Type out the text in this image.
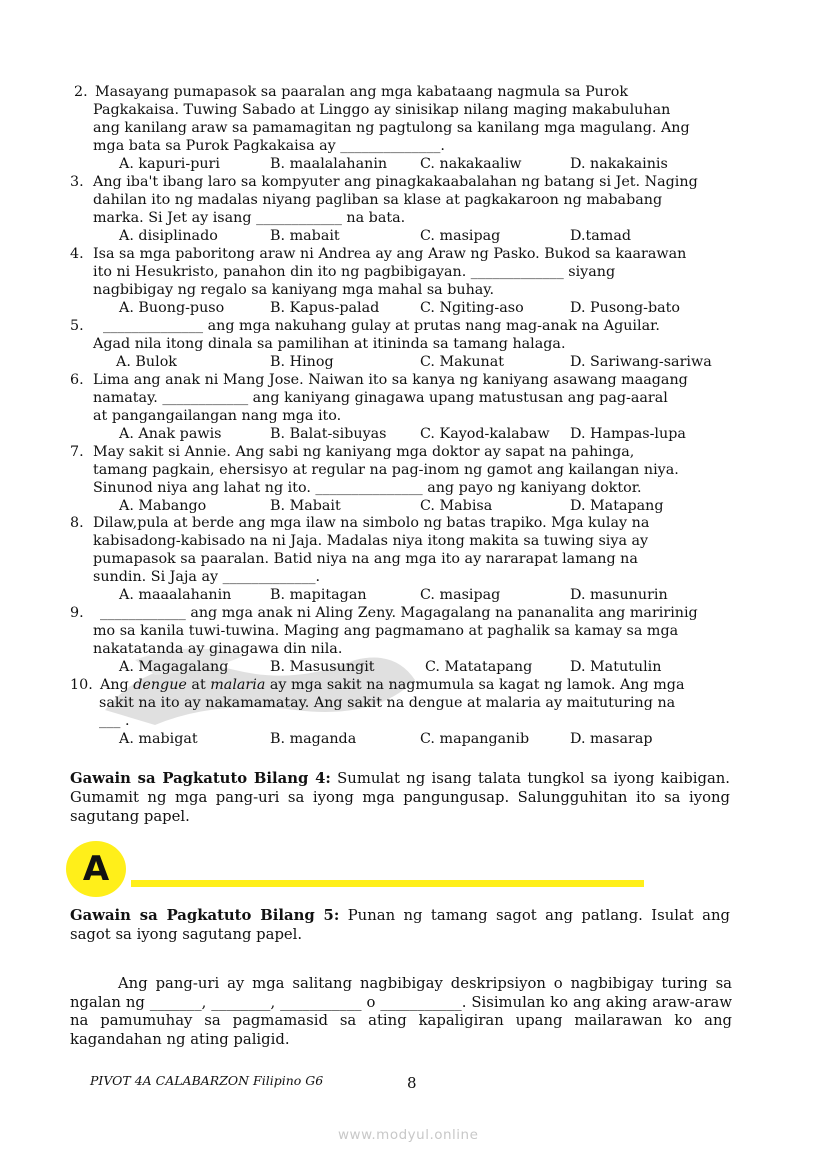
2. Masayang pumapasok sa paaralan ang mga kabataang nagmula sa Purok
Pagkakaisa. Tuwing Sabado at Linggo ay sinisikap nilang maging makabuluhan
ang kanilang araw sa pamamagitan ng pagtulong sa kanilang mga magulang. Ang
mga bata sa Purok Pagkakaisa ay ______________.
A. kapuri-puri	B. maalalahanin C. nakakaaliw	D. nakakainis
3. Ang iba't ibang laro sa kompyuter ang pinagkakaabalahan ng batang si Jet. Naging
dahilan ito ng madalas niyang pagliban sa klase at pagkakaroon ng mababang
marka. Si Jet ay isang ____________ na bata.
A. disiplinado	B. mabait	C. masipag	D.tamad
4. Isa sa mga paboritong araw ni Andrea ay ang Araw ng Pasko. Bukod sa kaarawan
ito ni Hesukristo, panahon din ito ng pagbibigayan. _____________ siyang
nagbibigay ng regalo sa kaniyang mga mahal sa buhay.
A. Buong-puso	B. Kapus-palad	C. Ngiting-aso	D. Pusong-bato
5.	______________ ang mga nakuhang gulay at prutas nang mag-anak na Aguilar.
Agad nila itong dinala sa pamilihan at itininda sa tamang halaga.
A. Bulok	B. Hinog	C. Makunat	D. Sariwang-sariwa
6. Lima ang anak ni Mang Jose. Naiwan ito sa kanya ng kaniyang asawang maagang
namatay. ____________ ang kaniyang ginagawa upang matustusan ang pag-aaral
at pangangailangan nang mga ito.
A. Anak pawis	B. Balat-sibuyas C. Kayod-kalabaw D. Hampas-lupa
7. May sakit si Annie. Ang sabi ng kaniyang mga doktor ay sapat na pahinga,
tamang pagkain, ehersisyo at regular na pag-inom ng gamot ang kailangan niya.
Sinunod niya ang lahat ng ito. _______________ ang payo ng kaniyang doktor.
A. Mabango	B. Mabait	C. Mabisa	D. Matapang
8. Dilaw,pula at berde ang mga ilaw na simbolo ng batas trapiko. Mga kulay na
kabisadong-kabisado na ni Jaja. Madalas niya itong makita sa tuwing siya ay
pumapasok sa paaralan. Batid niya na ang mga ito ay nararapat lamang na
sundin. Si Jaja ay _____________.
A. maaalahanin	B. mapitagan	C. masipag	D. masunurin
9.	____________ ang mga anak ni Aling Zeny. Magagalang na pananalita ang maririnig
mo sa kanila tuwi-tuwina. Maging ang pagmamano at paghalik sa kamay sa mga
nakatatanda ay ginagawa din nila.
A. Magagalang	B. Masusungit	C. Matatapang	D. Matutulin
10. Ang dengue at malaria ay mga sakit na nagmumula sa kagat ng lamok. Ang mga
sakit na ito ay nakamamatay. Ang sakit na dengue at malaria ay maituturing na
___ .
A. mabigat	B. maganda	C. mapanganib	D. masarap
Gawain sa Pagkatuto Bilang 4: Sumulat ng isang talata tungkol sa iyong kaibigan. Gumamit ng mga pang-uri sa iyong mga pangungusap. Salungguhitan ito sa iyong sagutang papel.
A
Gawain sa Pagkatuto Bilang 5: Punan ng tamang sagot ang patlang. Isulat ang sagot sa iyong sagutang papel.
Ang pang-uri ay mga salitang nagbibigay deskripsiyon o nagbibigay turing sa ngalan ng _______, ________, ___________ o ___________. Sisimulan ko ang aking araw-araw na pamumuhay sa pagmamasid sa ating kapaligiran upang mailarawan ko ang kagandahan ng ating paligid.
PIVOT 4A CALABARZON Filipino G6	8
www.modyul.online
